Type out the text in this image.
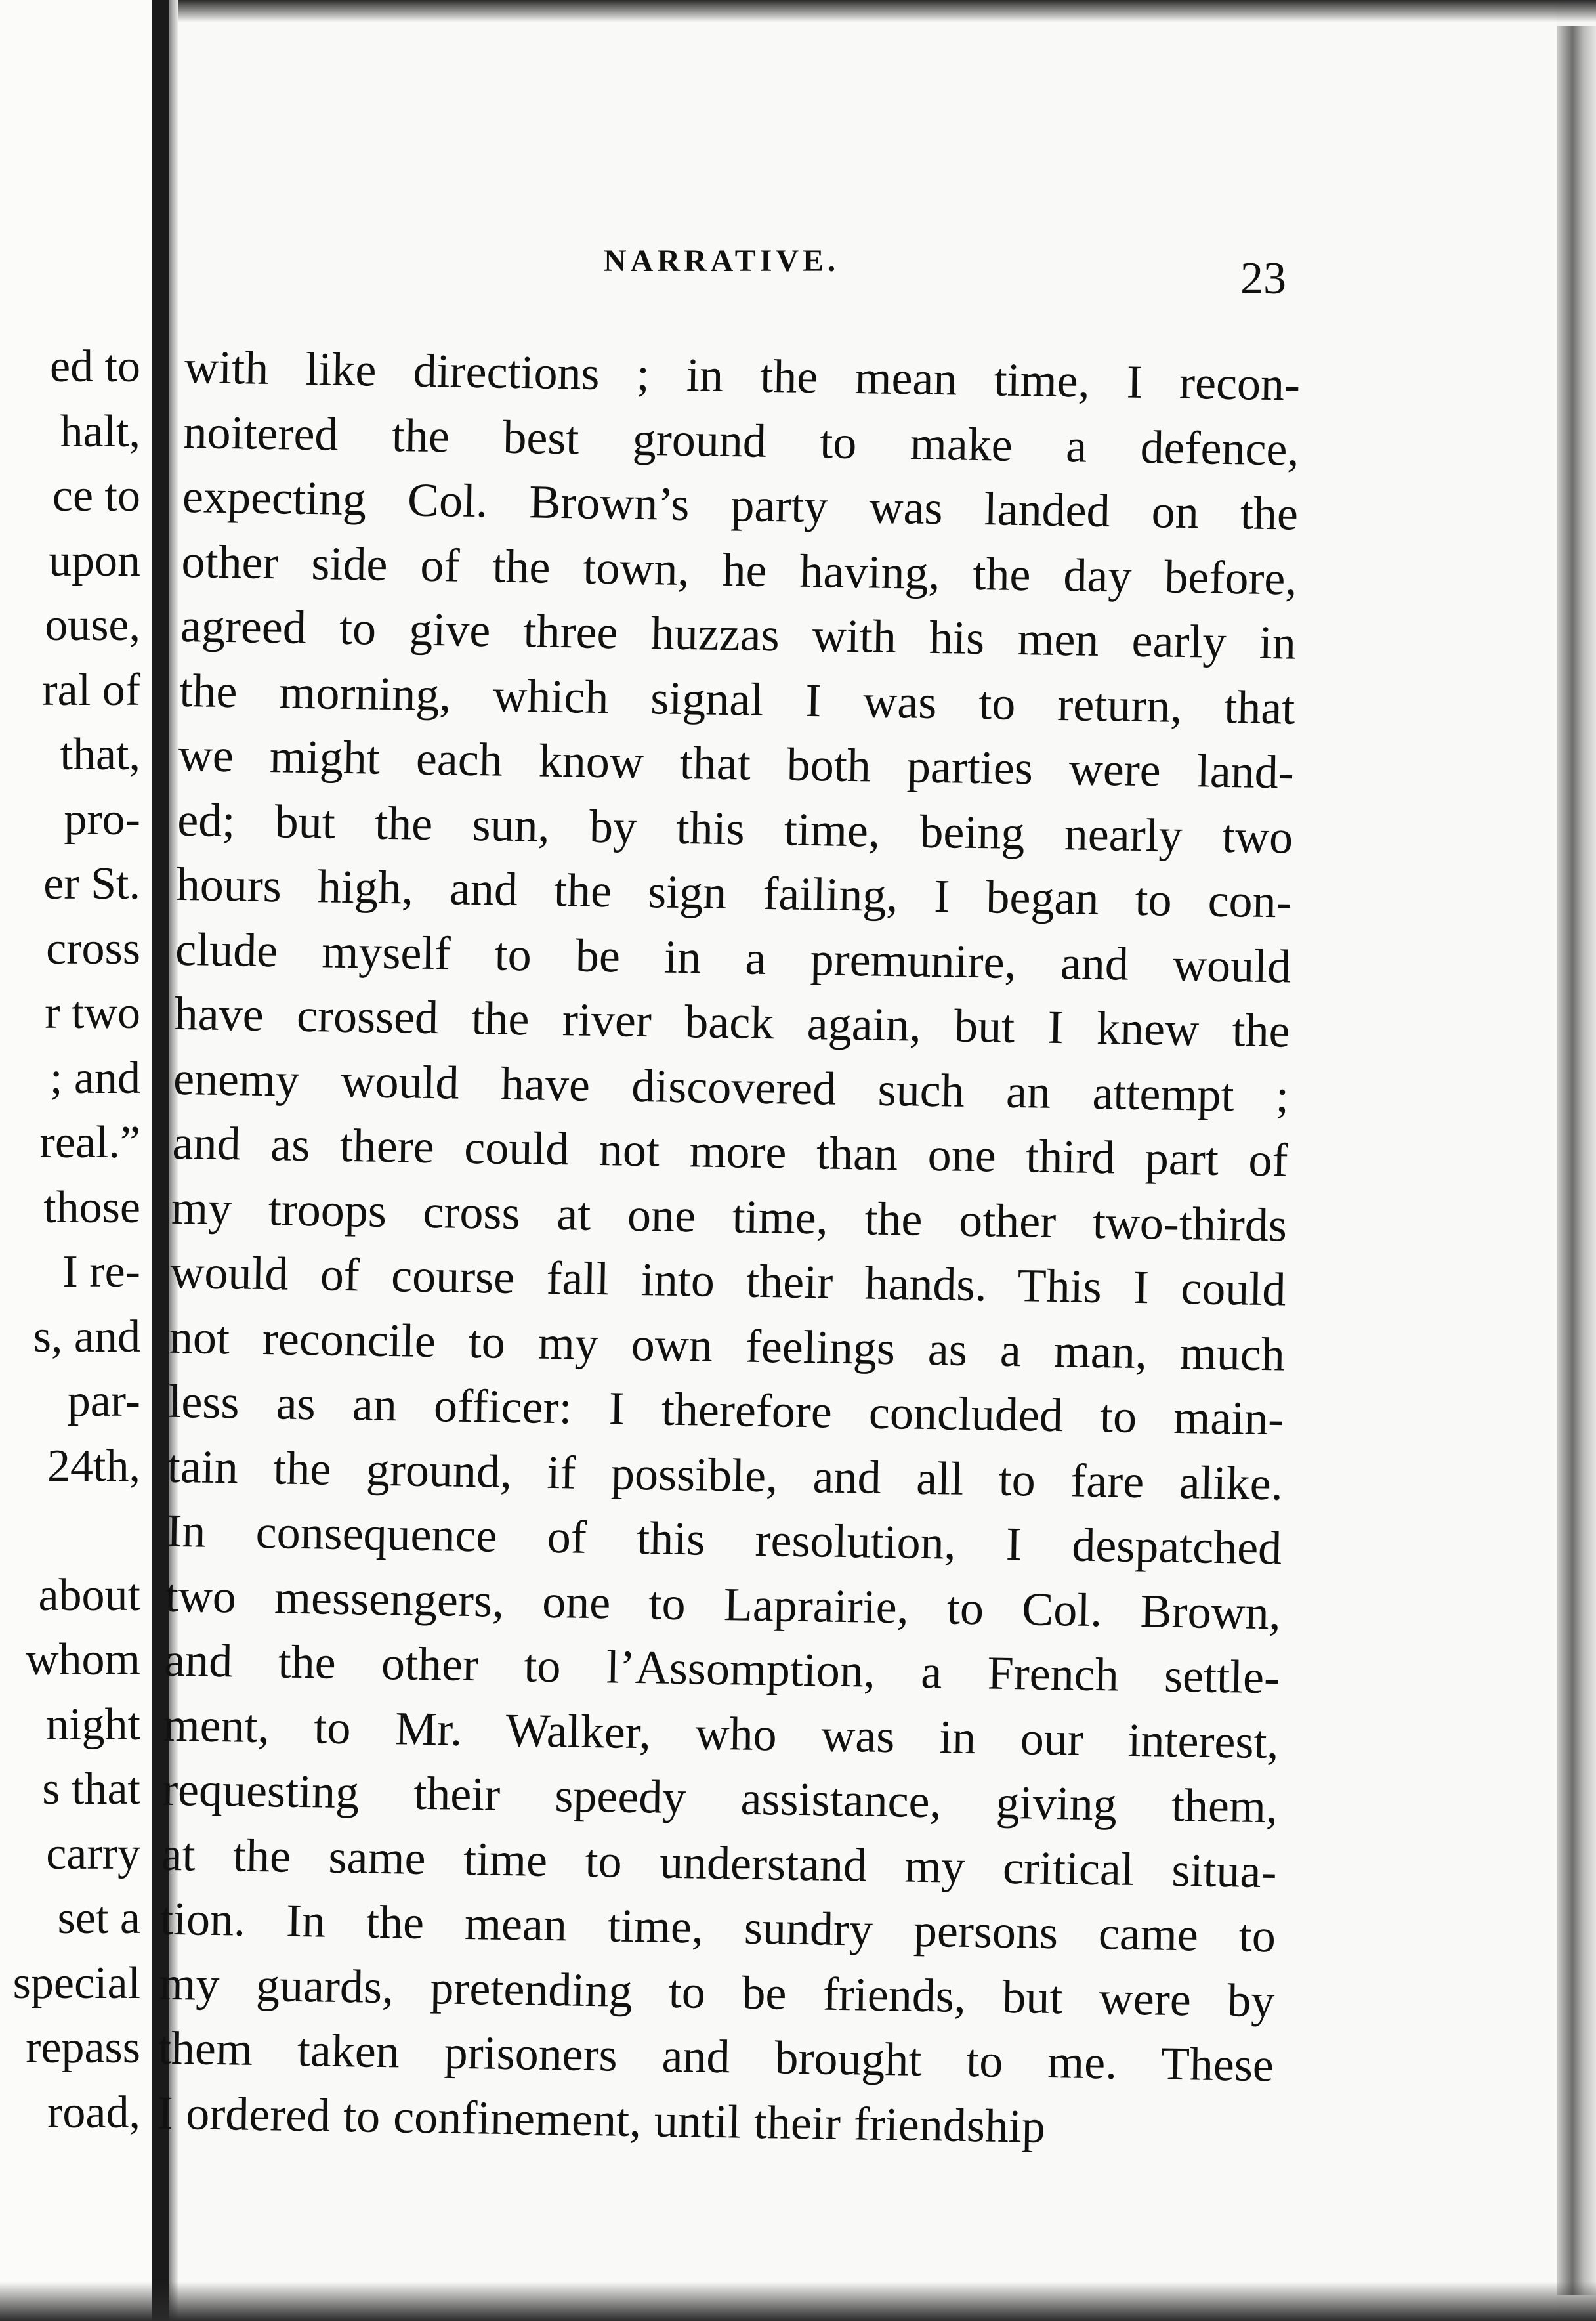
ed to
halt,
ce to
upon
ouse,
ral of
that,
pro-
er St.
cross
r two
; and
real.”
those
I re-
s, and
par-
24th,
about
whom
night
s that
carry
set a
special
repass
road,
NARRATIVE.	23
with like directions ; in the mean time, I recon-
noitered the best ground to make a defence,
expecting Col. Brown’s party was landed on the
other side of the town, he having, the day before,
agreed to give three huzzas with his men early in
the morning, which signal I was to return, that
we might each know that both parties were land-
ed; but the sun, by this time, being nearly two
hours high, and the sign failing, I began to con-
clude myself to be in a premunire, and would
have crossed the river back again, but I knew the
enemy would have discovered such an attempt ;
and as there could not more than one third part of
my troops cross at one time, the other two-thirds
would of course fall into their hands. This I could
not reconcile to my own feelings as a man, much
less as an officer: I therefore concluded to main-
tain the ground, if possible, and all to fare alike.
In consequence of this resolution, I despatched
two messengers, one to Laprairie, to Col. Brown,
and the other to l’Assomption, a French settle-
ment, to Mr. Walker, who was in our interest,
requesting their speedy assistance, giving them,
at the same time to understand my critical situa-
tion. In the mean time, sundry persons came to
my guards, pretending to be friends, but were by
them taken prisoners and brought to me. These
I ordered to confinement, until their friendship
